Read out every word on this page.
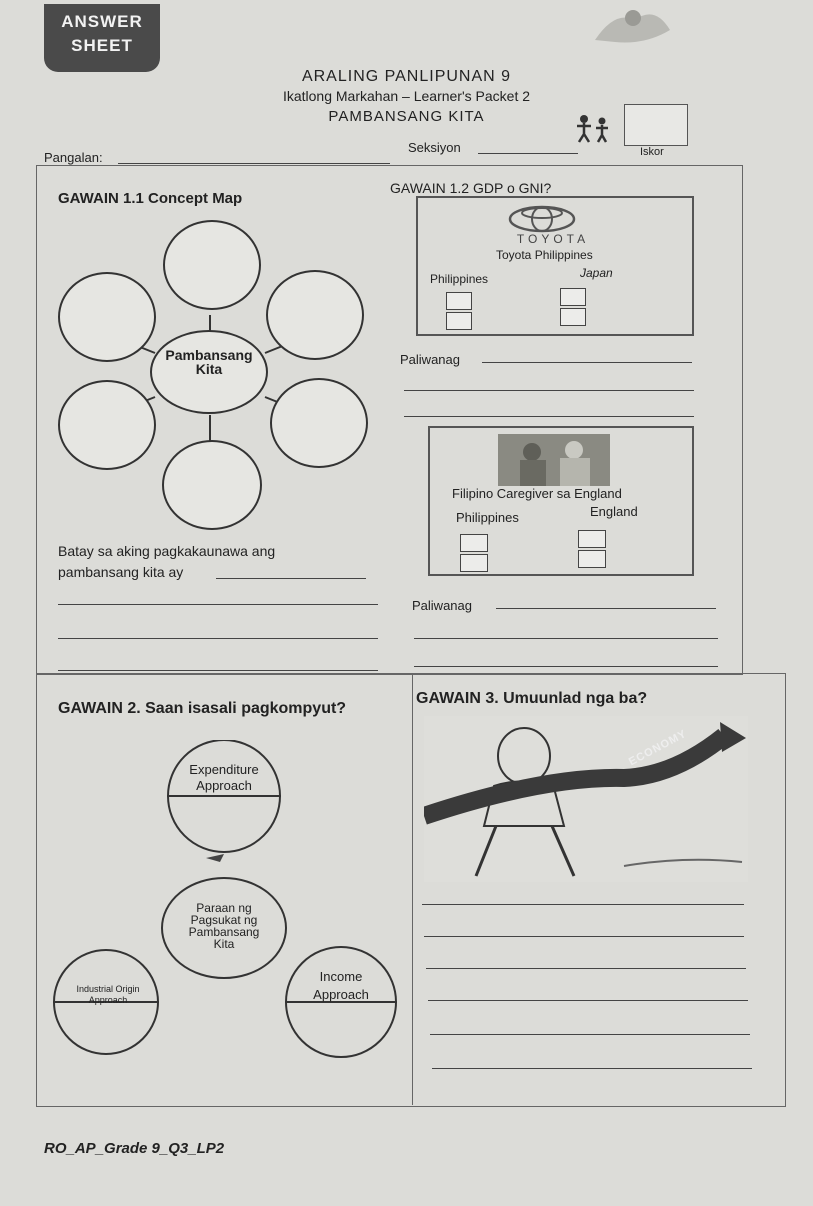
ANSWER
SHEET
ARALING PANLIPUNAN 9
Ikatlong Markahan – Learner's Packet 2
PAMBANSANG KITA
Pangalan:
Seksiyon	Iskor
GAWAIN 1.1 Concept Map
Pambansang
Kita
Batay sa aking pagkakaunawa ang
pambansang kita ay
GAWAIN 1.2 GDP o GNI?
TOYOTA
Toyota Philippines
Philippines	Japan
Paliwanag
Filipino Caregiver sa England
Philippines	England
Paliwanag
GAWAIN 2. Saan isasali pagkompyut?
Expenditure
Approach
Paraan ng
Pagsukat ng
Pambansang
Kita
Industrial Origin
Approach
Income
Approach
GAWAIN 3. Umuunlad nga ba?
ECONOMY
RO_AP_Grade 9_Q3_LP2
